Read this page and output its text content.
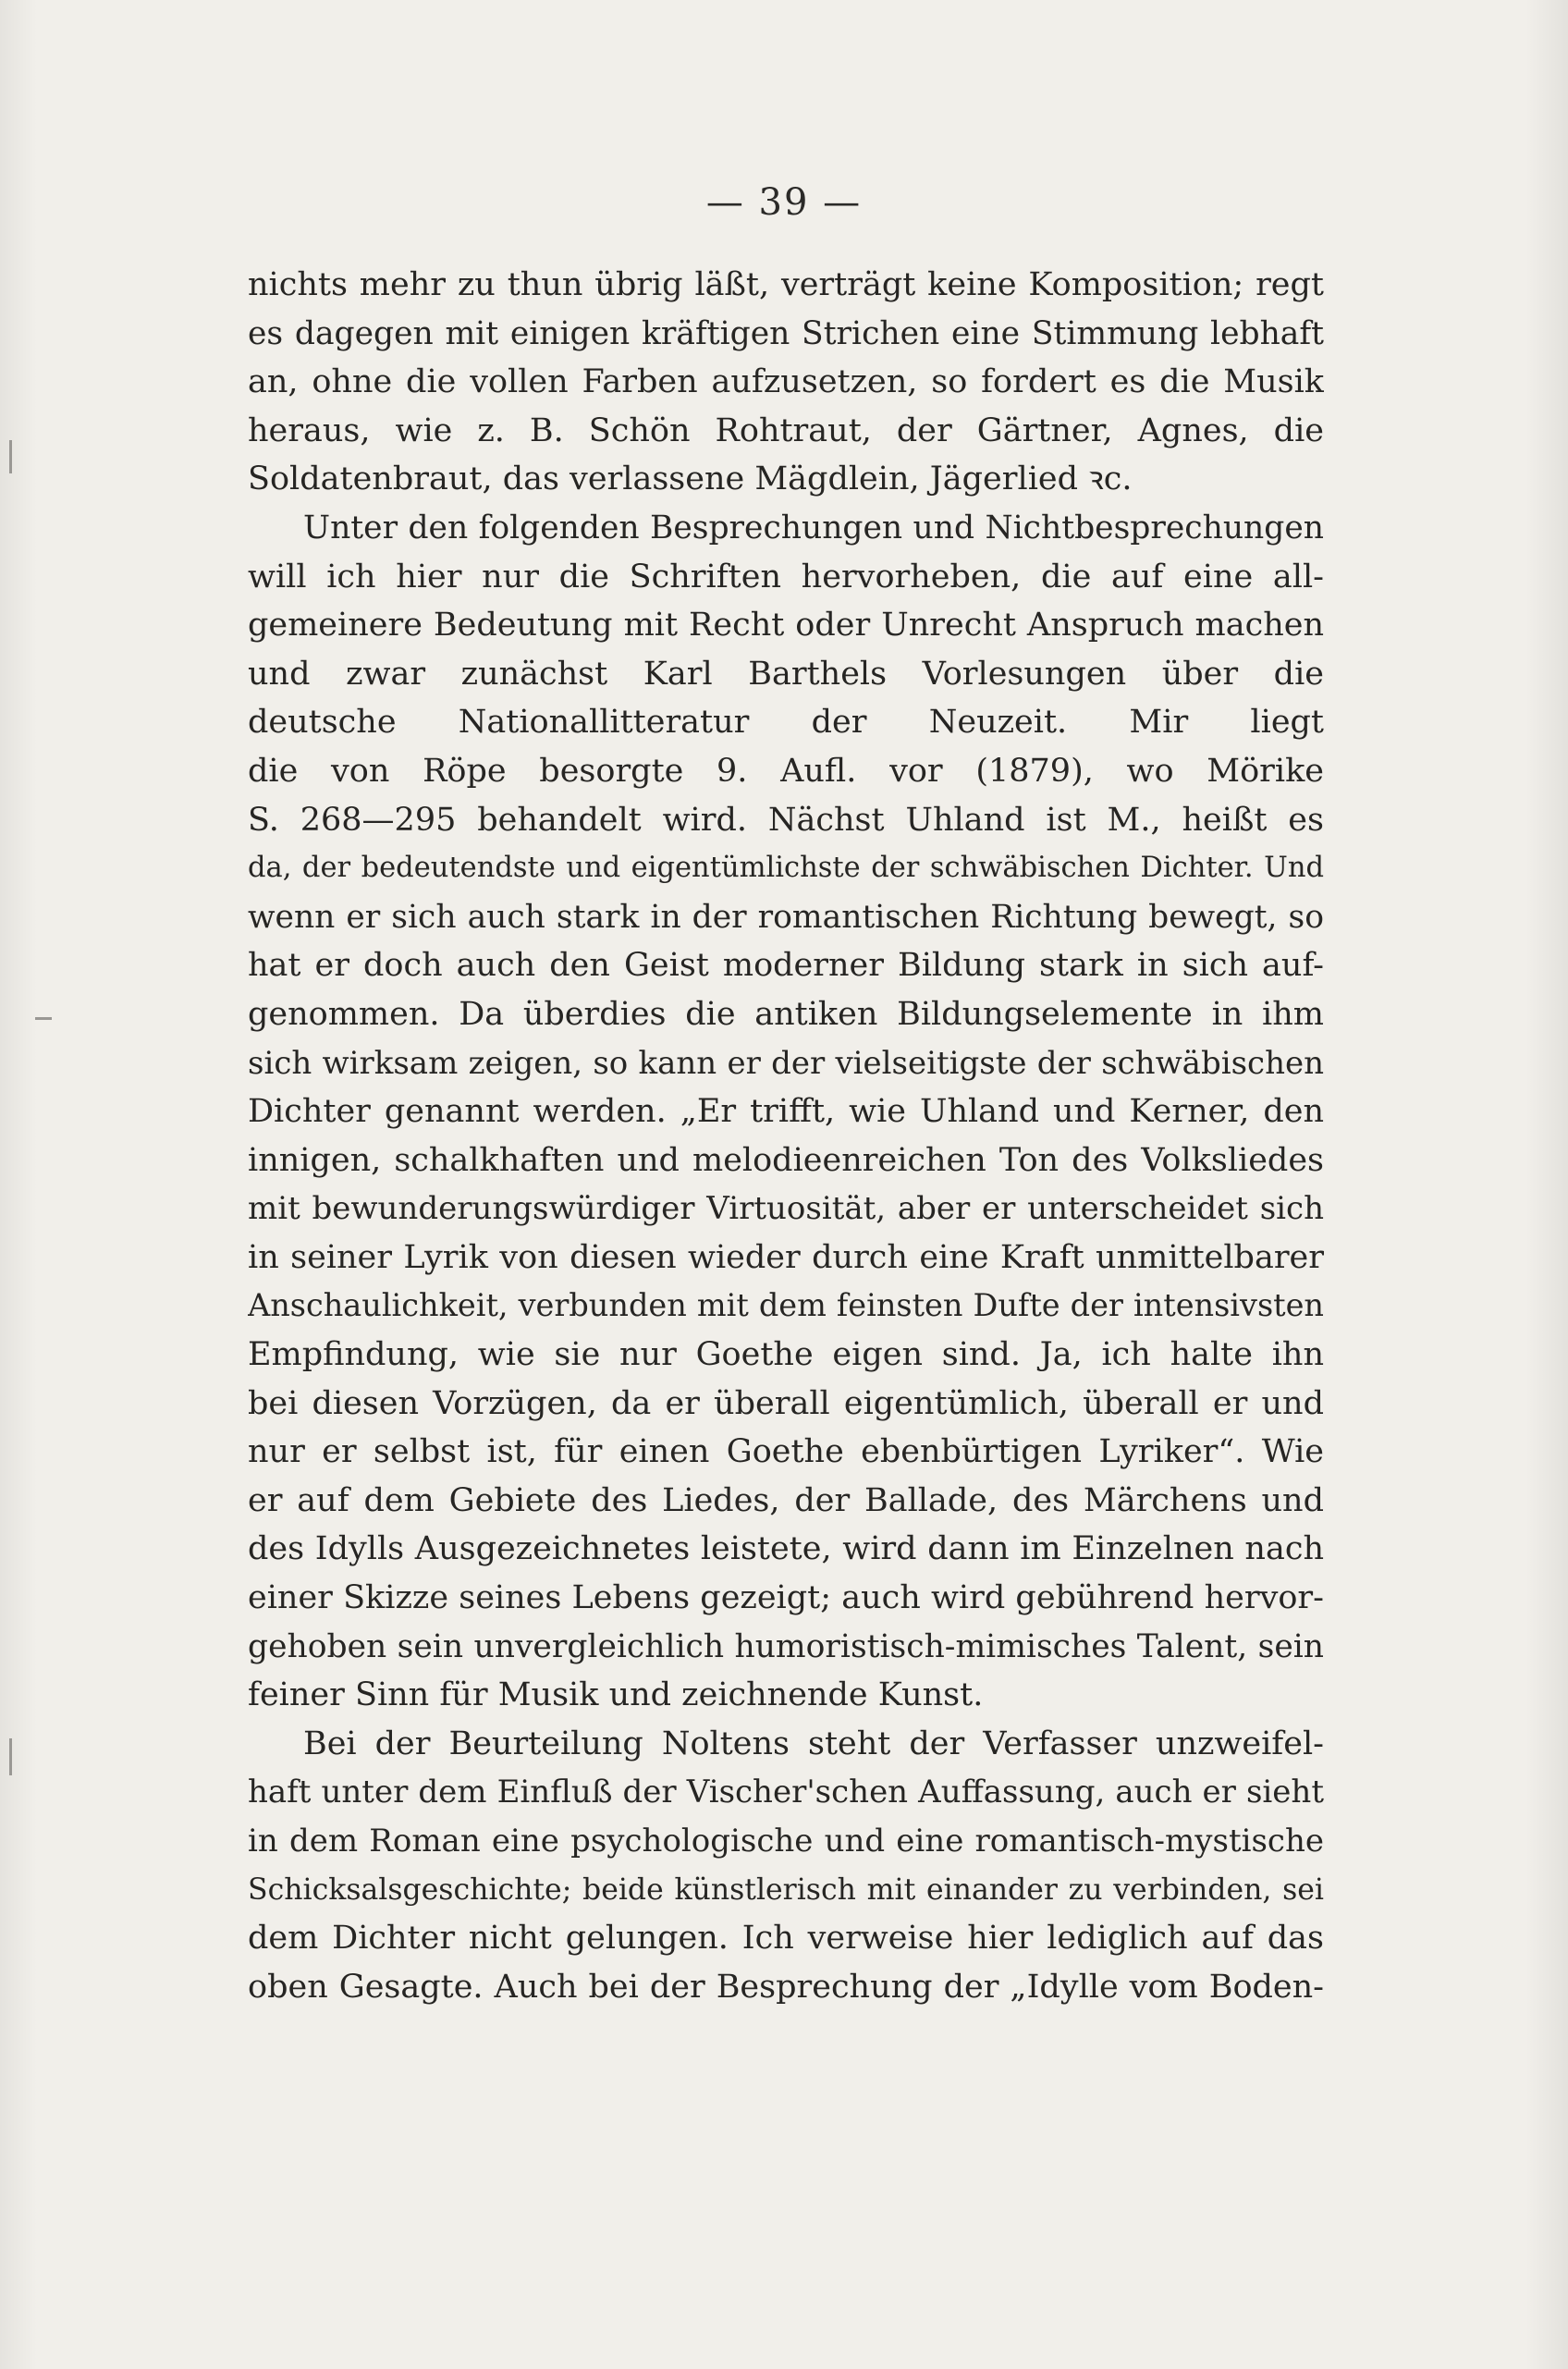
— 39 —
nichts mehr zu thun übrig läßt, verträgt keine Komposition; regt
es dagegen mit einigen kräftigen Strichen eine Stimmung lebhaft
an, ohne die vollen Farben aufzusetzen, so fordert es die Musik
heraus, wie z. B. Schön Rohtraut, der Gärtner, Agnes, die
Soldatenbraut, das verlassene Mägdlein, Jägerlied ꝛc.
Unter den folgenden Besprechungen und Nichtbesprechungen
will ich hier nur die Schriften hervorheben, die auf eine all-
gemeinere Bedeutung mit Recht oder Unrecht Anspruch machen
und zwar zunächst Karl Barthels Vorlesungen über die
deutsche Nationallitteratur der Neuzeit. Mir liegt
die von Röpe besorgte 9. Aufl. vor (1879), wo Mörike
S. 268—295 behandelt wird. Nächst Uhland ist M., heißt es
da, der bedeutendste und eigentümlichste der schwäbischen Dichter. Und
wenn er sich auch stark in der romantischen Richtung bewegt, so
hat er doch auch den Geist moderner Bildung stark in sich auf-
genommen. Da überdies die antiken Bildungselemente in ihm
sich wirksam zeigen, so kann er der vielseitigste der schwäbischen
Dichter genannt werden. „Er trifft, wie Uhland und Kerner, den
innigen, schalkhaften und melodieenreichen Ton des Volksliedes
mit bewunderungswürdiger Virtuosität, aber er unterscheidet sich
in seiner Lyrik von diesen wieder durch eine Kraft unmittelbarer
Anschaulichkeit, verbunden mit dem feinsten Dufte der intensivsten
Empfindung, wie sie nur Goethe eigen sind. Ja, ich halte ihn
bei diesen Vorzügen, da er überall eigentümlich, überall er und
nur er selbst ist, für einen Goethe ebenbürtigen Lyriker“. Wie
er auf dem Gebiete des Liedes, der Ballade, des Märchens und
des Idylls Ausgezeichnetes leistete, wird dann im Einzelnen nach
einer Skizze seines Lebens gezeigt; auch wird gebührend hervor-
gehoben sein unvergleichlich humoristisch-mimisches Talent, sein
feiner Sinn für Musik und zeichnende Kunst.
Bei der Beurteilung Noltens steht der Verfasser unzweifel-
haft unter dem Einfluß der Vischer'schen Auffassung, auch er sieht
in dem Roman eine psychologische und eine romantisch-mystische
Schicksalsgeschichte; beide künstlerisch mit einander zu verbinden, sei
dem Dichter nicht gelungen. Ich verweise hier lediglich auf das
oben Gesagte. Auch bei der Besprechung der „Idylle vom Boden-
